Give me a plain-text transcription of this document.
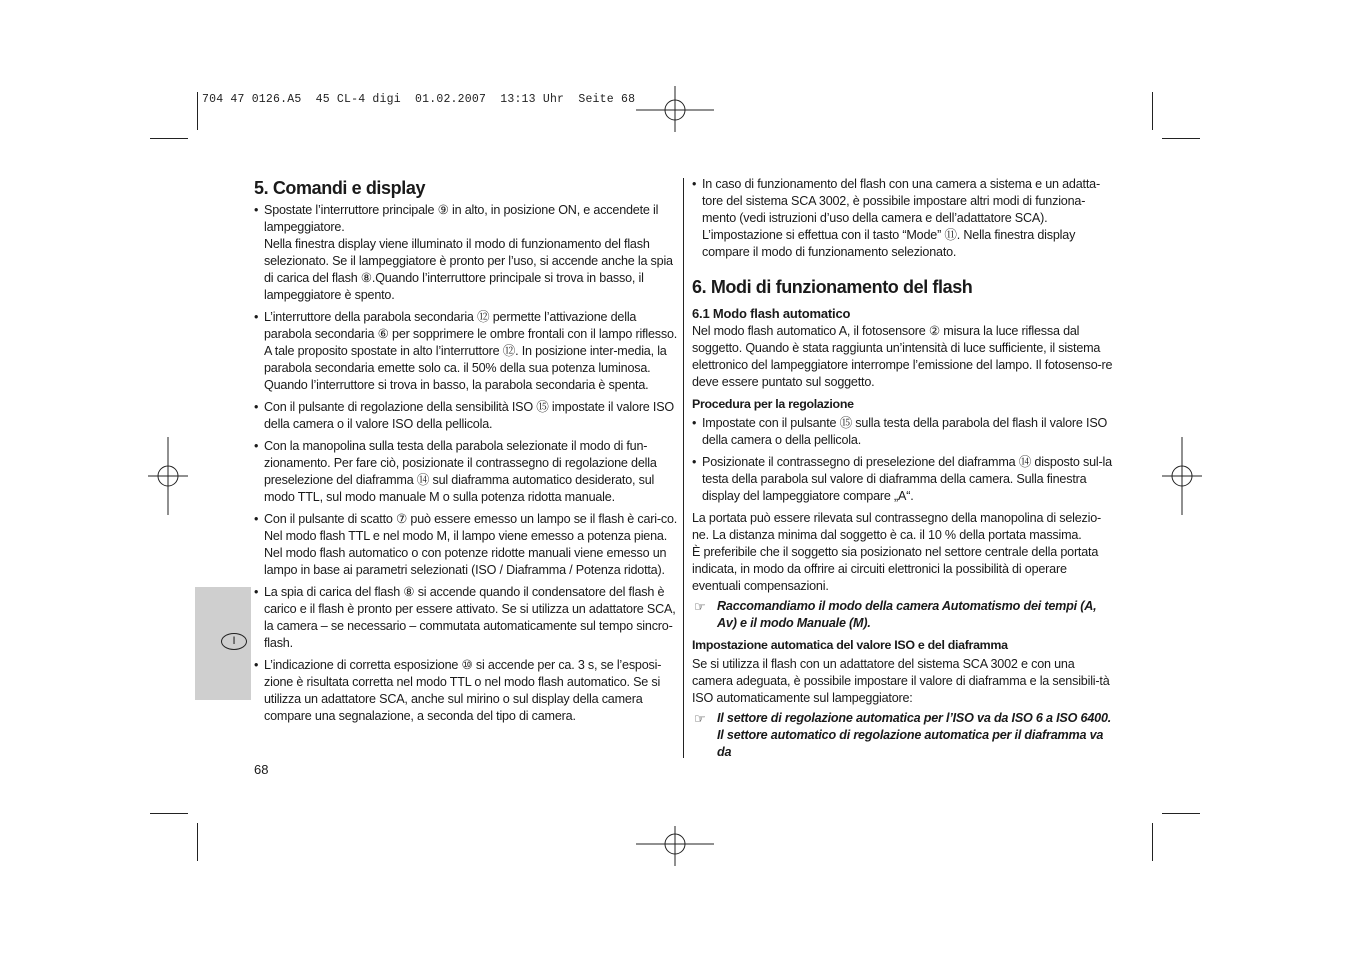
704 47 0126.A5  45 CL-4 digi  01.02.2007  13:13 Uhr  Seite 68
I
5. Comandi e display
• Spostate l’interruttore principale ⑨ in alto, in posizione ON, e accendete il lampeggiatore.
Nella finestra display viene illuminato il modo di funzionamento del flash selezionato. Se il lampeggiatore è pronto per l’uso, si accende anche la spia di carica del flash ⑧.Quando l’interruttore principale si trova in basso, il lampeggiatore è spento.

• L’interruttore della parabola secondaria ⑫ permette l’attivazione della parabola secondaria ⑥ per sopprimere le ombre frontali con il lampo riflesso. A tale proposito spostate in alto l’interruttore ⑫. In posizione inter-media, la parabola secondaria emette solo ca. il 50% della sua potenza luminosa. Quando l’interruttore si trova in basso, la parabola secondaria è spenta.

• Con il pulsante di regolazione della sensibilità ISO ⑮ impostate il valore ISO della camera o il valore ISO della pellicola.

• Con la manopolina sulla testa della parabola selezionate il modo di fun-zionamento. Per fare ciò, posizionate il contrassegno di regolazione della preselezione del diaframma ⑭ sul diaframma automatico desiderato, sul modo TTL, sul modo manuale M o sulla potenza ridotta manuale.

• Con il pulsante di scatto ⑦ può essere emesso un lampo se il flash è cari-co. Nel modo flash TTL e nel modo M, il lampo viene emesso a potenza piena. Nel modo flash automatico o con potenze ridotte manuali viene emesso un lampo in base ai parametri selezionati (ISO / Diaframma / Potenza ridotta).

• La spia di carica del flash ⑧ si accende quando il condensatore del flash è carico e il flash è pronto per essere attivato. Se si utilizza un adattatore SCA, la camera – se necessario – commutata automaticamente sul tempo sincro-flash.

• L’indicazione di corretta esposizione ⑩ si accende per ca. 3 s, se l’esposi-zione è risultata corretta nel modo TTL o nel modo flash automatico. Se si utilizza un adattatore SCA, anche sul mirino o sul display della camera compare una segnalazione, a seconda del tipo di camera.

68
• In caso di funzionamento del flash con una camera a sistema e un adatta-tore del sistema SCA 3002, è possibile impostare altri modi di funziona-mento (vedi istruzioni d’uso della camera e dell’adattatore SCA).
L’impostazione si effettua con il tasto “Mode” ⑪. Nella finestra display compare il modo di funzionamento selezionato.

6. Modi di funzionamento del flash
6.1 Modo flash automatico

Nel modo flash automatico A, il fotosensore ② misura la luce riflessa dal soggetto. Quando è stata raggiunta un’intensità di luce sufficiente, il sistema elettronico del lampeggiatore interrompe l’emissione del lampo. Il fotosenso-re deve essere puntato sul soggetto.

Procedura per la regolazione
• Impostate con il pulsante ⑮ sulla testa della parabola del flash il valore ISO della camera o della pellicola.

• Posizionate il contrassegno di preselezione del diaframma ⑭ disposto sul-la testa della parabola sul valore di diaframma della camera. Sulla finestra display del lampeggiatore compare „A“.

La portata può essere rilevata sul contrassegno della manopolina di selezio-ne. La distanza minima dal soggetto è ca. il 10 % della portata massima.
È preferibile che il soggetto sia posizionato nel settore centrale della portata indicata, in modo da offrire ai circuiti elettronici la possibilità di operare eventuali compensazioni.

☞ Raccomandiamo il modo della camera Automatismo dei tempi (A, Av) e il modo Manuale (M).

Impostazione automatica del valore ISO e del diaframma

Se si utilizza il flash con un adattatore del sistema SCA 3002 e con una camera adeguata, è possibile impostare il valore di diaframma e la sensibili-tà ISO automaticamente sul lampeggiatore:

☞ Il settore di regolazione automatica per l’ISO va da ISO 6 a ISO 6400.
Il settore automatico di regolazione automatica per il diaframma va da
